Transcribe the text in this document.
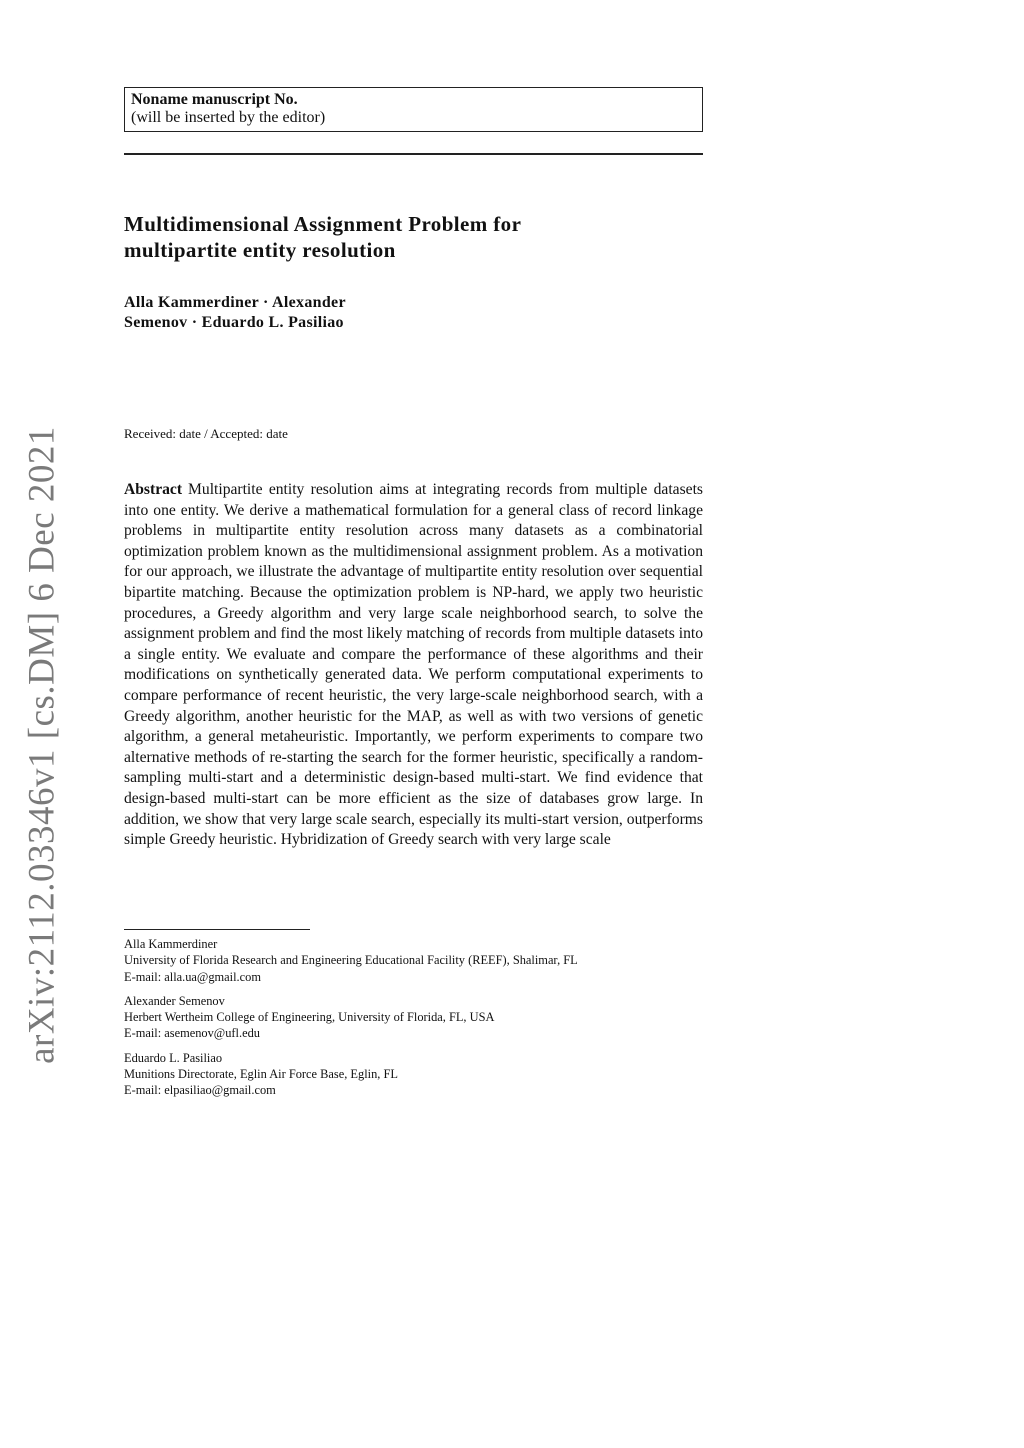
arXiv:2112.03346v1 [cs.DM] 6 Dec 2021
Noname manuscript No.
(will be inserted by the editor)
Multidimensional Assignment Problem for
multipartite entity resolution
Alla Kammerdiner · Alexander
Semenov · Eduardo L. Pasiliao
Received: date / Accepted: date
Abstract Multipartite entity resolution aims at integrating records from multiple datasets into one entity. We derive a mathematical formulation for a general class of record linkage problems in multipartite entity resolution across many datasets as a combinatorial optimization problem known as the multidimensional assignment problem. As a motivation for our approach, we illustrate the advantage of multipartite entity resolution over sequential bipartite matching. Because the optimization problem is NP-hard, we apply two heuristic procedures, a Greedy algorithm and very large scale neighborhood search, to solve the assignment problem and find the most likely matching of records from multiple datasets into a single entity. We evaluate and compare the performance of these algorithms and their modifications on synthetically generated data. We perform computational experiments to compare performance of recent heuristic, the very large-scale neighborhood search, with a Greedy algorithm, another heuristic for the MAP, as well as with two versions of genetic algorithm, a general metaheuristic. Importantly, we perform experiments to compare two alternative methods of re-starting the search for the former heuristic, specifically a random-sampling multi-start and a deterministic design-based multi-start. We find evidence that design-based multi-start can be more efficient as the size of databases grow large. In addition, we show that very large scale search, especially its multi-start version, outperforms simple Greedy heuristic. Hybridization of Greedy search with very large scale
Alla Kammerdiner
University of Florida Research and Engineering Educational Facility (REEF), Shalimar, FL
E-mail: alla.ua@gmail.com
Alexander Semenov
Herbert Wertheim College of Engineering, University of Florida, FL, USA
E-mail: asemenov@ufl.edu
Eduardo L. Pasiliao
Munitions Directorate, Eglin Air Force Base, Eglin, FL
E-mail: elpasiliao@gmail.com
